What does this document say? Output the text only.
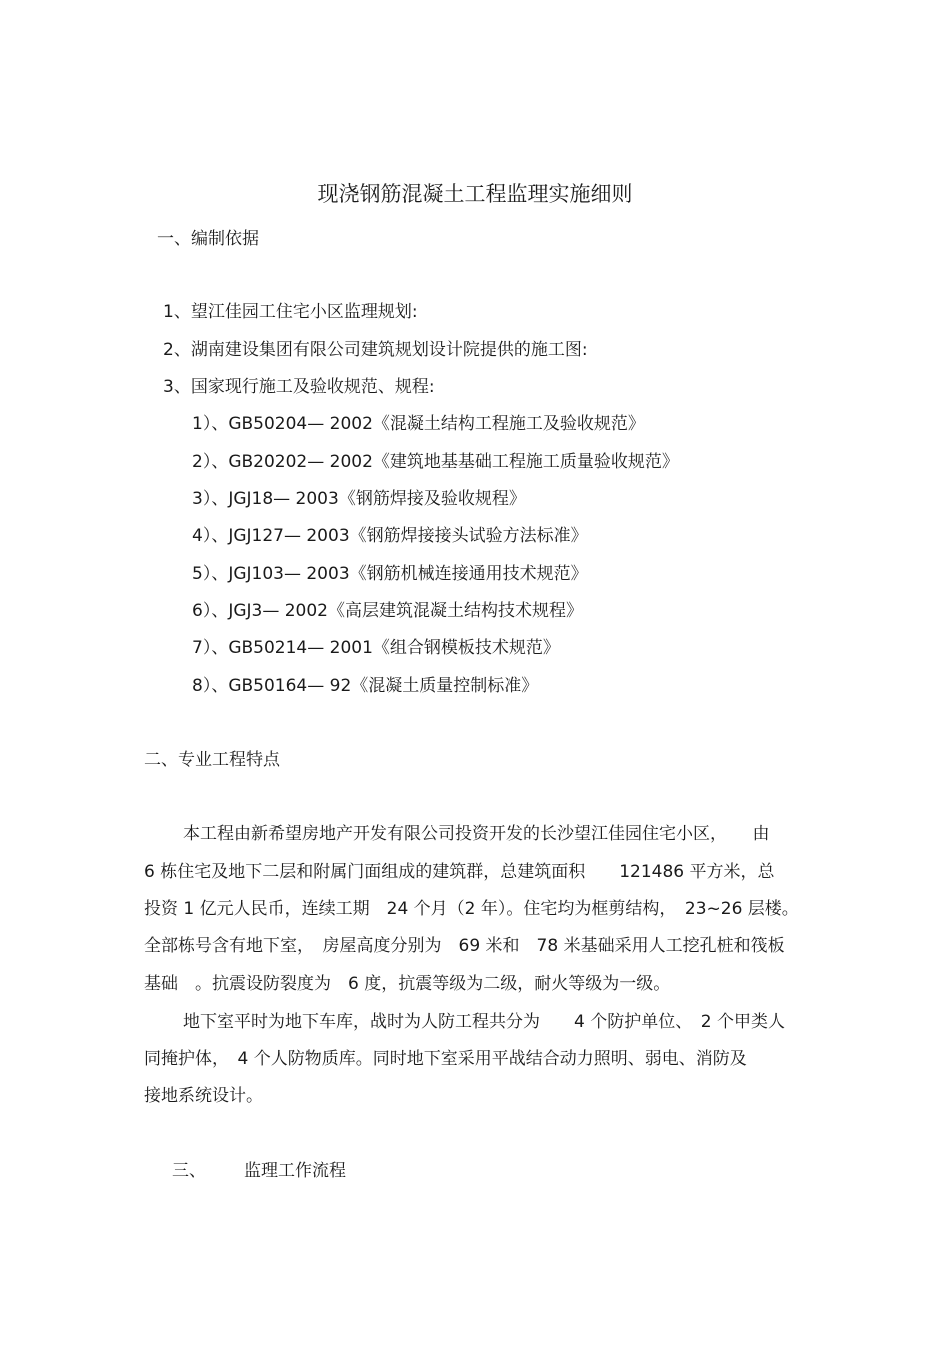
现浇钢筋混凝土工程监理实施细则
一、编制依据
1、望江佳园工住宅小区监理规划:
2、湖南建设集团有限公司建筑规划设计院提供的施工图:
3、国家现行施工及验收规范、规程:
1）、GB50204— 2002《混凝土结构工程施工及验收规范》
2）、GB20202— 2002《建筑地基基础工程施工质量验收规范》
3）、JGJ18— 2003《钢筋焊接及验收规程》
4）、JGJ127— 2003《钢筋焊接接头试验方法标准》
5）、JGJ103— 2003《钢筋机械连接通用技术规范》
6）、JGJ3— 2002《高层建筑混凝土结构技术规程》
7）、GB50214— 2001《组合钢模板技术规范》
8）、GB50164— 92《混凝土质量控制标准》
二、专业工程特点
本工程由新希望房地产开发有限公司投资开发的长沙望江佳园住宅小区，　　由
6 栋住宅及地下二层和附属门面组成的建筑群，总建筑面积　　121486 平方米，总
投资 1 亿元人民币，连续工期　24 个月（2 年）。住宅均为框剪结构，　23~26 层楼。
全部栋号含有地下室，　房屋高度分别为　69 米和　78 米基础采用人工挖孔桩和筏板
基础　。抗震设防裂度为　6 度，抗震等级为二级，耐火等级为一级。
地下室平时为地下车库，战时为人防工程共分为　　4 个防护单位、　2 个甲类人
同掩护体，　4 个人防物质库。同时地下室采用平战结合动力照明、弱电、消防及
接地系统设计。
三、 监理工作流程
